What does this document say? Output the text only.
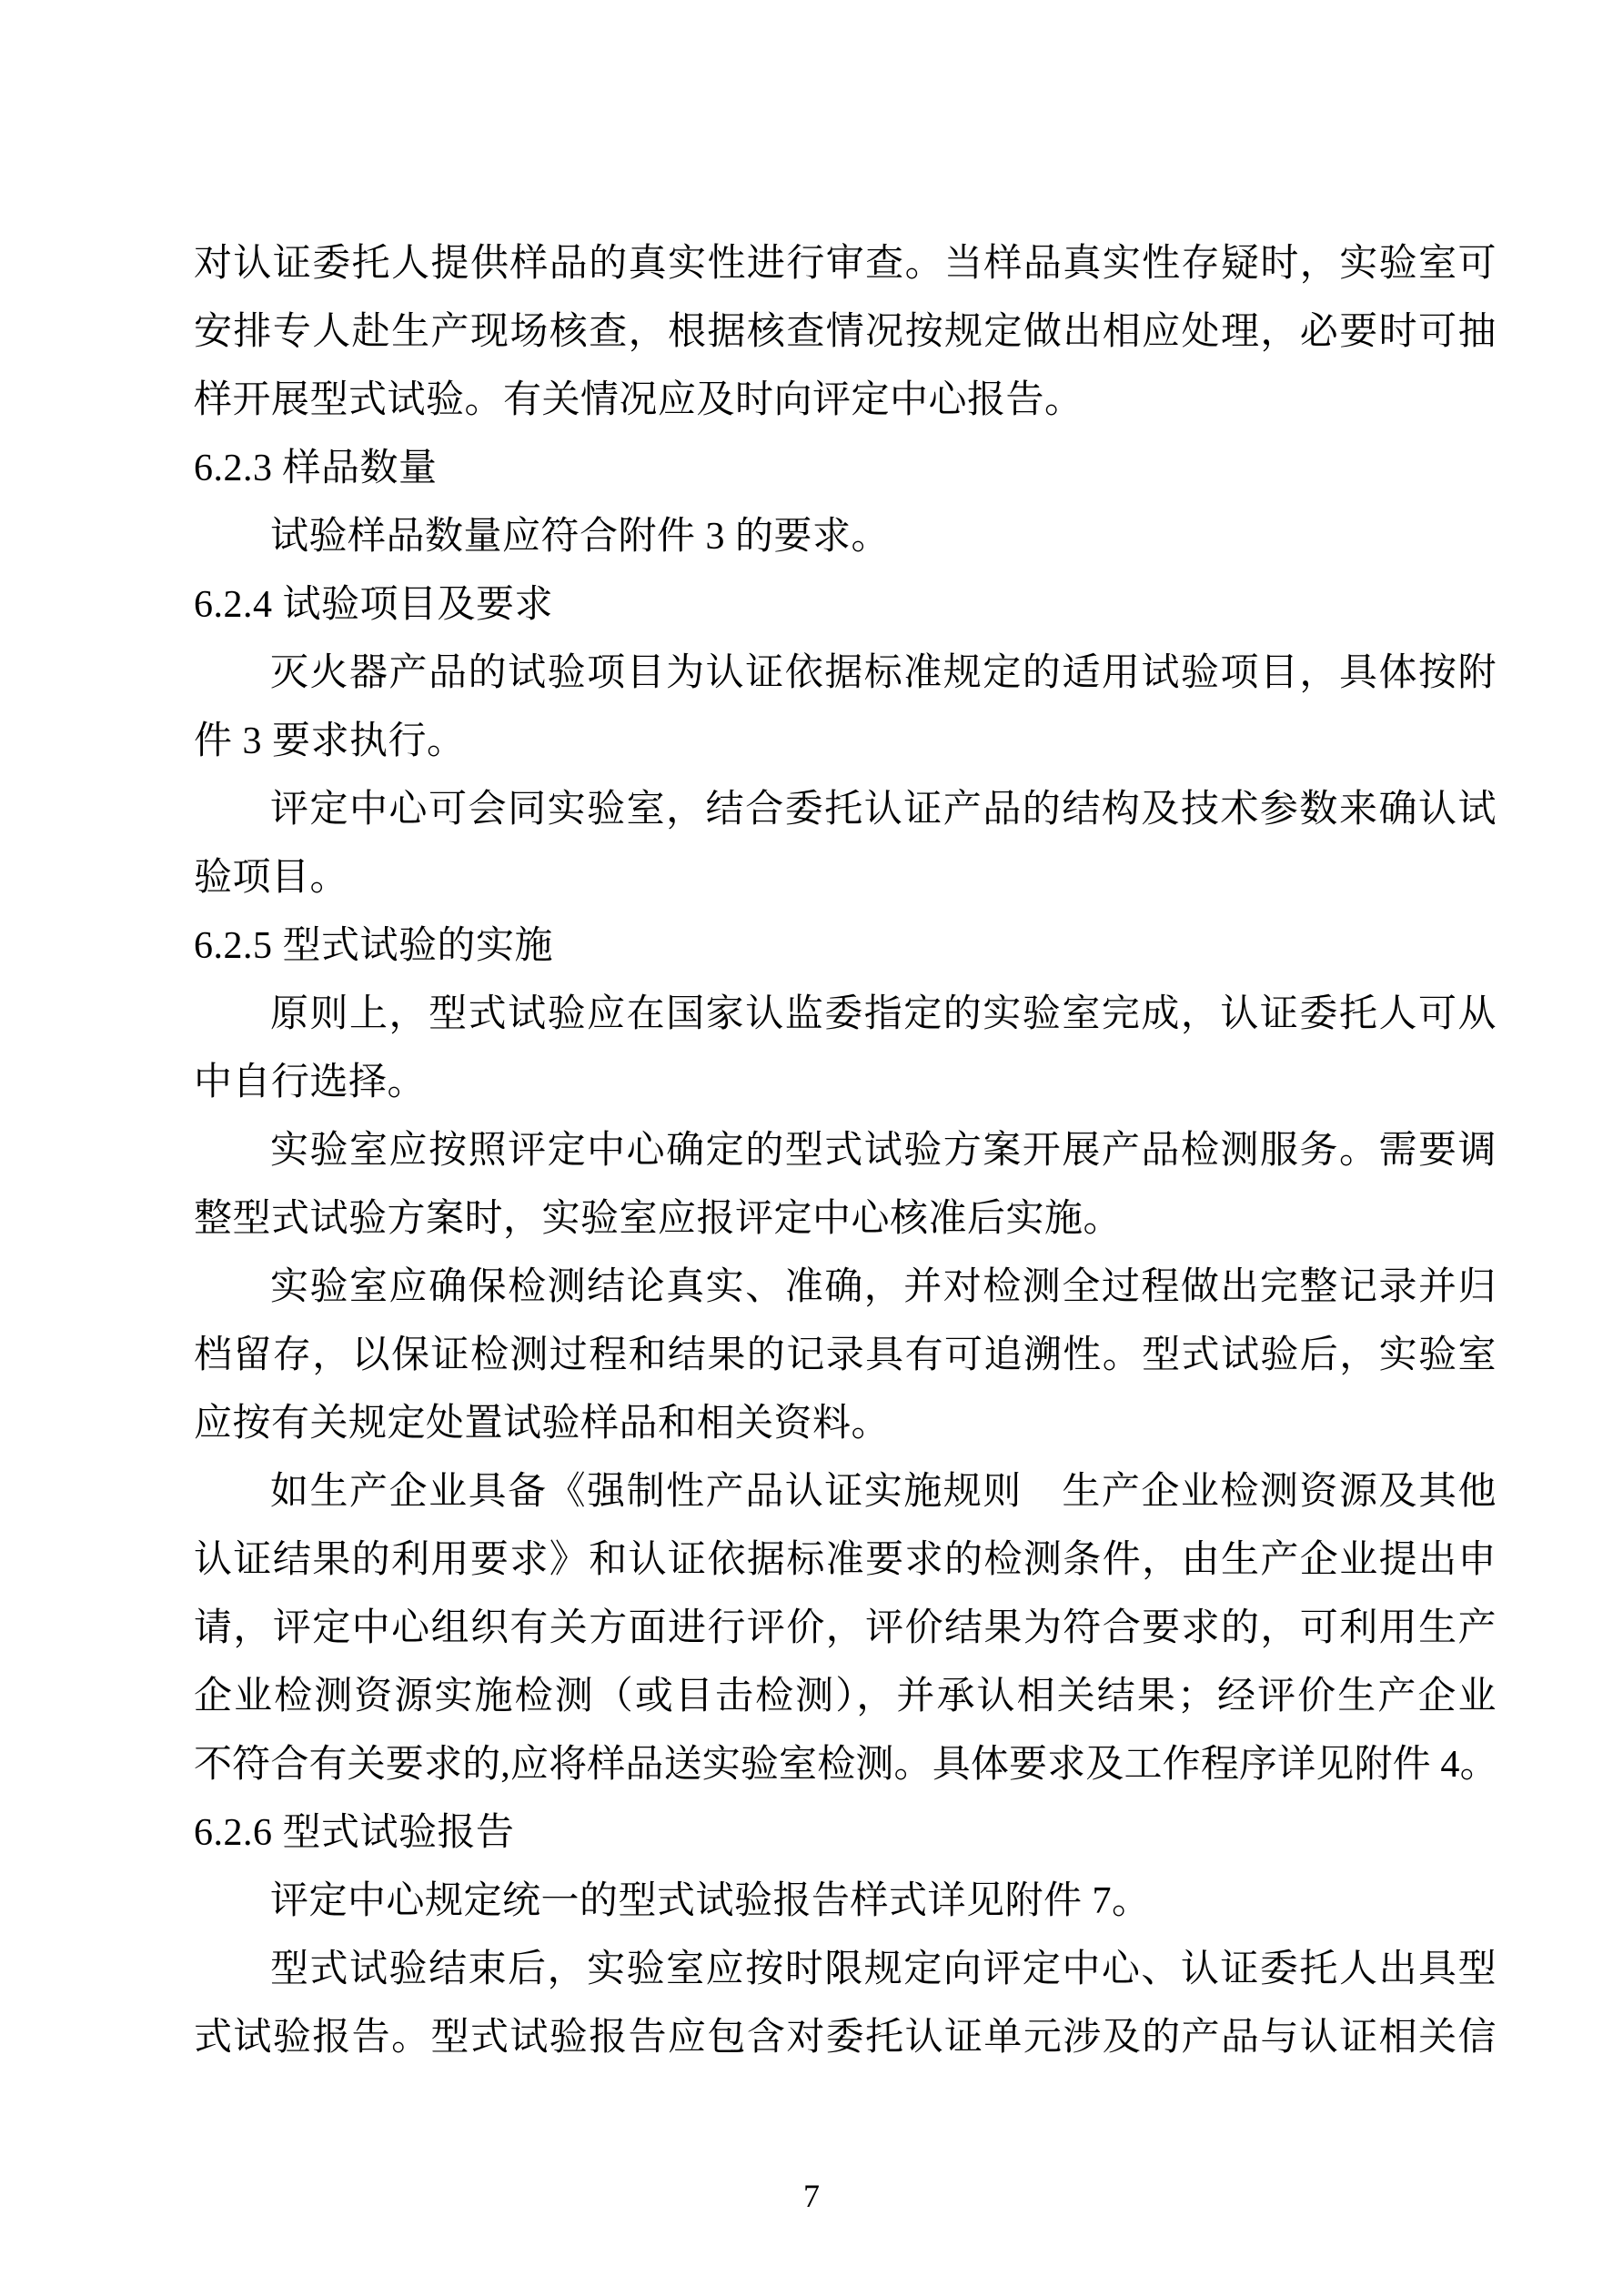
对认证委托人提供样品的真实性进行审查。当样品真实性存疑时，实验室可
安排专人赴生产现场核查，根据核查情况按规定做出相应处理，必要时可抽
样开展型式试验。有关情况应及时向评定中心报告。
6.2.3 样品数量
试验样品数量应符合附件 3 的要求。
6.2.4 试验项目及要求
灭火器产品的试验项目为认证依据标准规定的适用试验项目，具体按附
件 3 要求执行。
评定中心可会同实验室，结合委托认证产品的结构及技术参数来确认试
验项目。
6.2.5 型式试验的实施
原则上，型式试验应在国家认监委指定的实验室完成，认证委托人可从
中自行选择。
实验室应按照评定中心确定的型式试验方案开展产品检测服务。需要调
整型式试验方案时，实验室应报评定中心核准后实施。
实验室应确保检测结论真实、准确，并对检测全过程做出完整记录并归
档留存，以保证检测过程和结果的记录具有可追溯性。型式试验后，实验室
应按有关规定处置试验样品和相关资料。
如生产企业具备《强制性产品认证实施规则　生产企业检测资源及其他
认证结果的利用要求》和认证依据标准要求的检测条件，由生产企业提出申
请，评定中心组织有关方面进行评价，评价结果为符合要求的，可利用生产
企业检测资源实施检测（或目击检测），并承认相关结果；经评价生产企业
不符合有关要求的,应将样品送实验室检测。具体要求及工作程序详见附件 4。
6.2.6 型式试验报告
评定中心规定统一的型式试验报告样式详见附件 7。
型式试验结束后，实验室应按时限规定向评定中心、认证委托人出具型
式试验报告。型式试验报告应包含对委托认证单元涉及的产品与认证相关信
7
